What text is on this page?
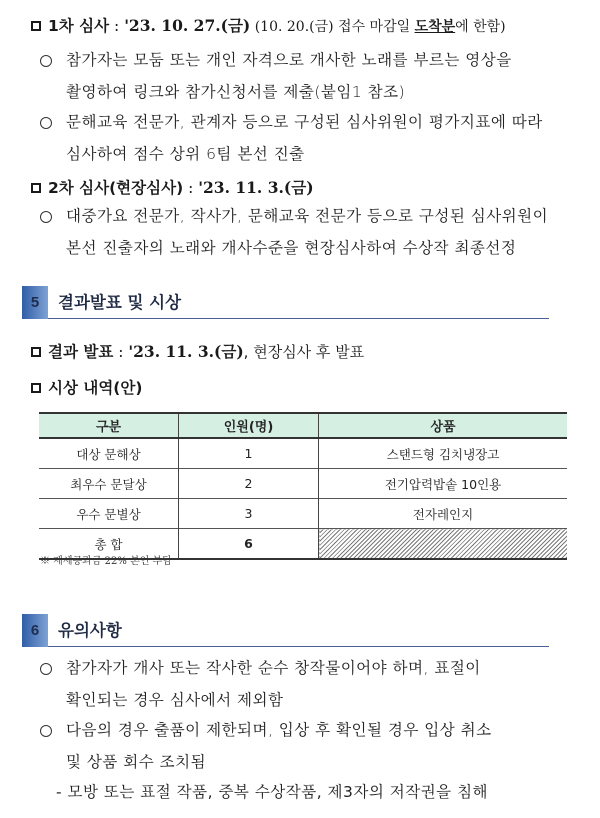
1차 심사 : '23. 10. 27.(금) (10. 20.(금) 접수 마감일 도착분에 한함)
참가자는 모둠 또는 개인 자격으로 개사한 노래를 부르는 영상을
촬영하여 링크와 참가신청서를 제출(붙임1 참조)
문해교육 전문가, 관계자 등으로 구성된 심사위원이 평가지표에 따라
심사하여 점수 상위 6팀 본선 진출
2차 심사(현장심사) : '23. 11. 3.(금)
대중가요 전문가, 작사가, 문해교육 전문가 등으로 구성된 심사위원이
본선 진출자의 노래와 개사수준을 현장심사하여 수상작 최종선정
5	결과발표 및 시상
결과 발표 : '23. 11. 3.(금), 현장심사 후 발표
시상 내역(안)
구분	인원(명)	상품
대상 문해상	1	스탠드형 김치냉장고
최우수 문달상	2	전기압력밥솥 10인용
우수 문별상	3	전자레인지
총 합	6	
※ 제세공과금 22% 본인 부담
6	유의사항
참가자가 개사 또는 작사한 순수 창작물이어야 하며, 표절이
확인되는 경우 심사에서 제외함
다음의 경우 출품이 제한되며, 입상 후 확인될 경우 입상 취소
및 상품 회수 조치됨
- 모방 또는 표절 작품, 중복 수상작품, 제3자의 저작권을 침해
